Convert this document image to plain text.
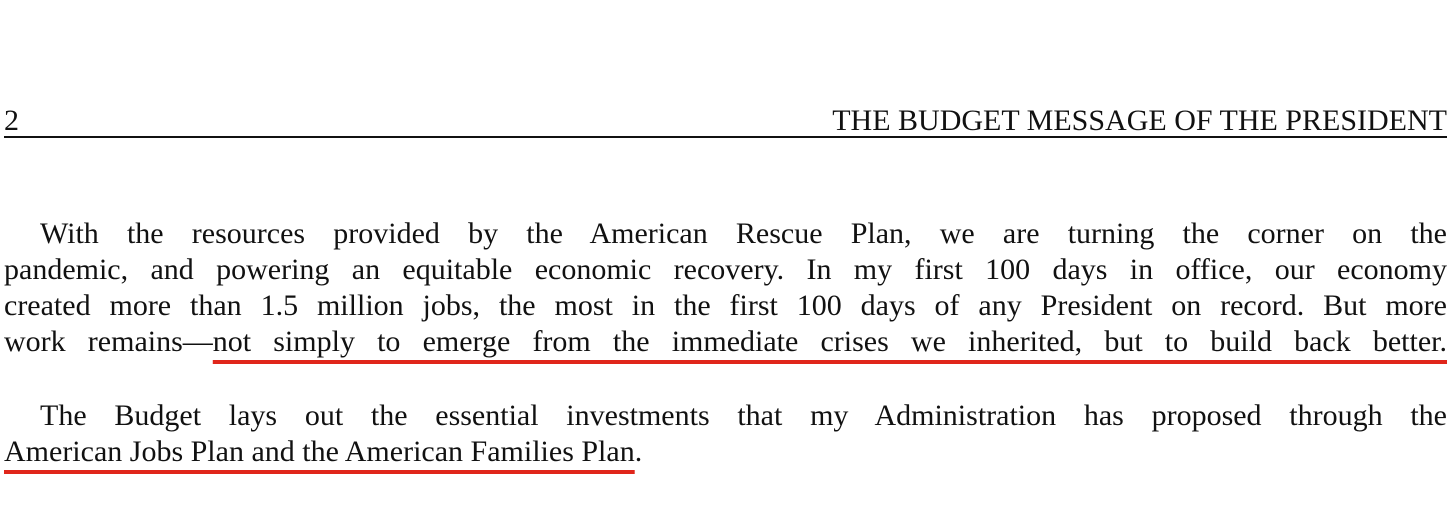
2	THE BUDGET MESSAGE OF THE PRESIDENT

With the resources provided by the American Rescue Plan, we are turning the corner on the
pandemic, and powering an equitable economic recovery. In my first 100 days in office, our economy
created more than 1.5 million jobs, the most in the first 100 days of any President on record. But more
work remains—not simply to emerge from the immediate crises we inherited, but to build back better.

The Budget lays out the essential investments that my Administration has proposed through the
American Jobs Plan and the American Families Plan.
